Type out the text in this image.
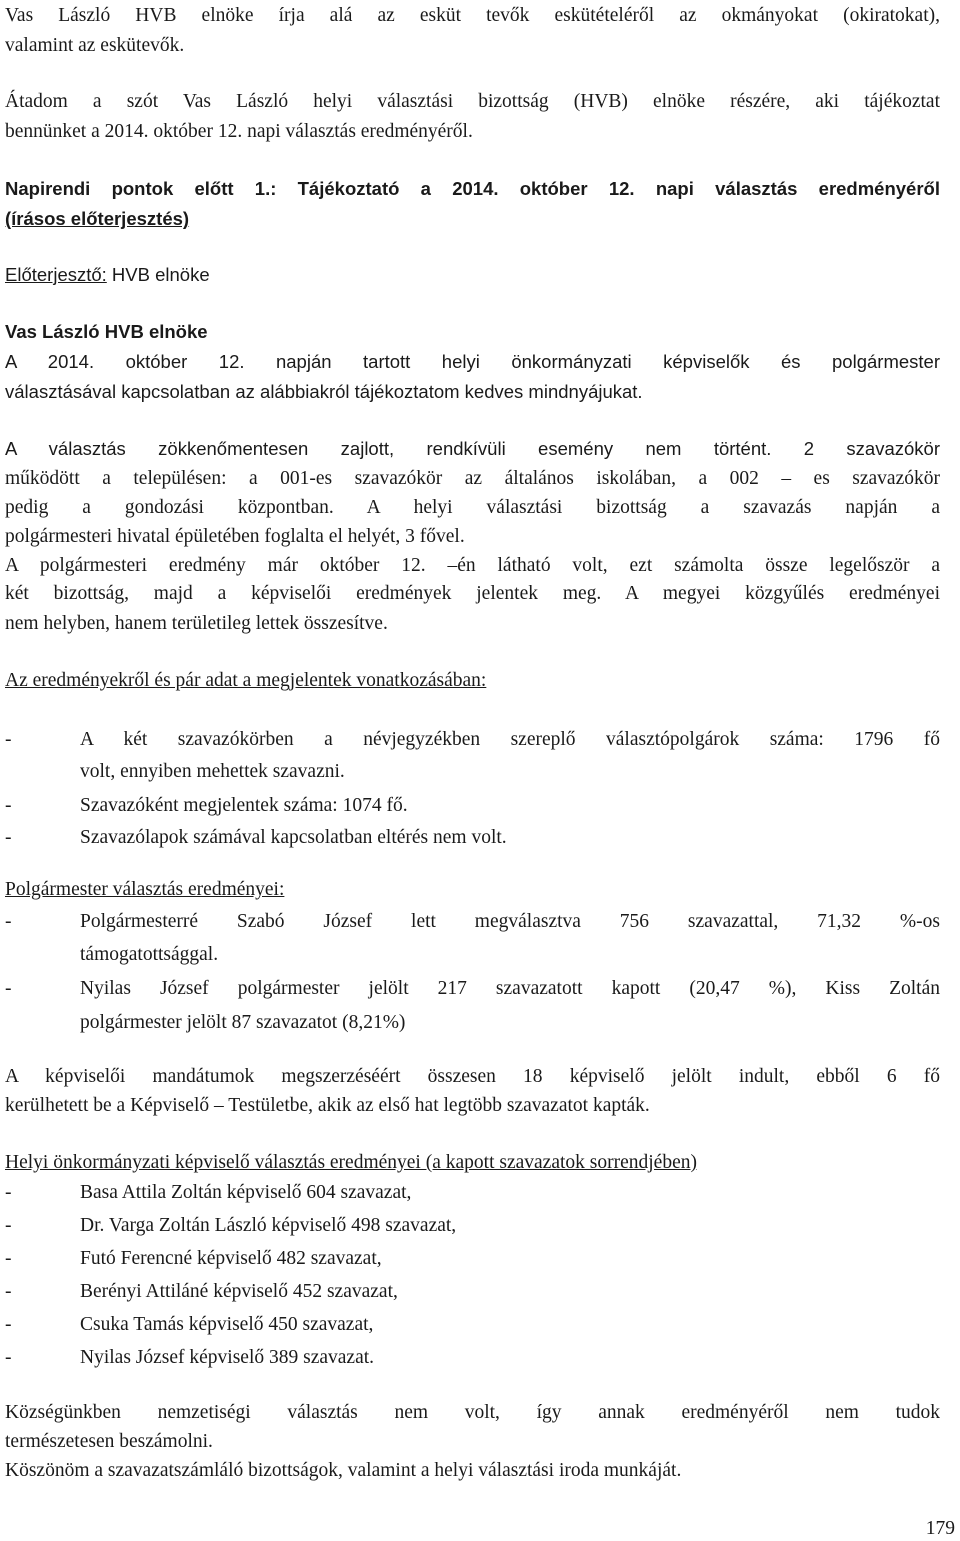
Vas László HVB elnöke írja alá az esküt tevők eskütételéről az okmányokat (okiratokat),
valamint az eskütevők.
Átadom a szót Vas László helyi választási bizottság (HVB) elnöke részére, aki tájékoztat
bennünket a 2014. október 12. napi választás eredményéről.
Napirendi pontok előtt 1.: Tájékoztató a 2014. október 12. napi választás eredményéről
(írásos előterjesztés)
Előterjesztő: HVB elnöke
Vas László HVB elnöke
A 2014. október 12. napján tartott helyi önkormányzati képviselők és polgármester
választásával kapcsolatban az alábbiakról tájékoztatom kedves mindnyájukat.
A választás zökkenőmentesen zajlott, rendkívüli esemény nem történt. 2 szavazókör
működött a településen: a 001-es szavazókör az általános iskolában, a 002 – es szavazókör
pedig a gondozási központban. A helyi választási bizottság a szavazás napján a
polgármesteri hivatal épületében foglalta el helyét, 3 fővel.
A polgármesteri eredmény már október 12. –én látható volt, ezt számolta össze legelőször a
két bizottság, majd a képviselői eredmények jelentek meg. A megyei közgyűlés eredményei
nem helyben, hanem területileg lettek összesítve.
Az eredményekről és pár adat a megjelentek vonatkozásában:
-	A két szavazókörben a névjegyzékben szereplő választópolgárok száma: 1796 fő
volt, ennyiben mehettek szavazni.
-	Szavazóként megjelentek száma: 1074 fő.
-	Szavazólapok számával kapcsolatban eltérés nem volt.
Polgármester választás eredményei:
-	Polgármesterré Szabó József lett megválasztva 756 szavazattal, 71,32 %-os
támogatottsággal.
-	Nyilas József polgármester jelölt 217 szavazatott kapott (20,47 %), Kiss Zoltán
polgármester jelölt 87 szavazatot (8,21%)
A képviselői mandátumok megszerzéséért összesen 18 képviselő jelölt indult, ebből 6 fő
kerülhetett be a Képviselő – Testületbe, akik az első hat legtöbb szavazatot kapták.
Helyi önkormányzati képviselő választás eredményei (a kapott szavazatok sorrendjében)
-	Basa Attila Zoltán képviselő 604 szavazat,
-	Dr. Varga Zoltán László képviselő 498 szavazat,
-	Futó Ferencné képviselő 482 szavazat,
-	Berényi Attiláné képviselő 452 szavazat,
-	Csuka Tamás képviselő 450 szavazat,
-	Nyilas József képviselő 389 szavazat.
Községünkben nemzetiségi választás nem volt, így annak eredményéről nem tudok
természetesen beszámolni.
Köszönöm a szavazatszámláló bizottságok, valamint a helyi választási iroda munkáját.
179
